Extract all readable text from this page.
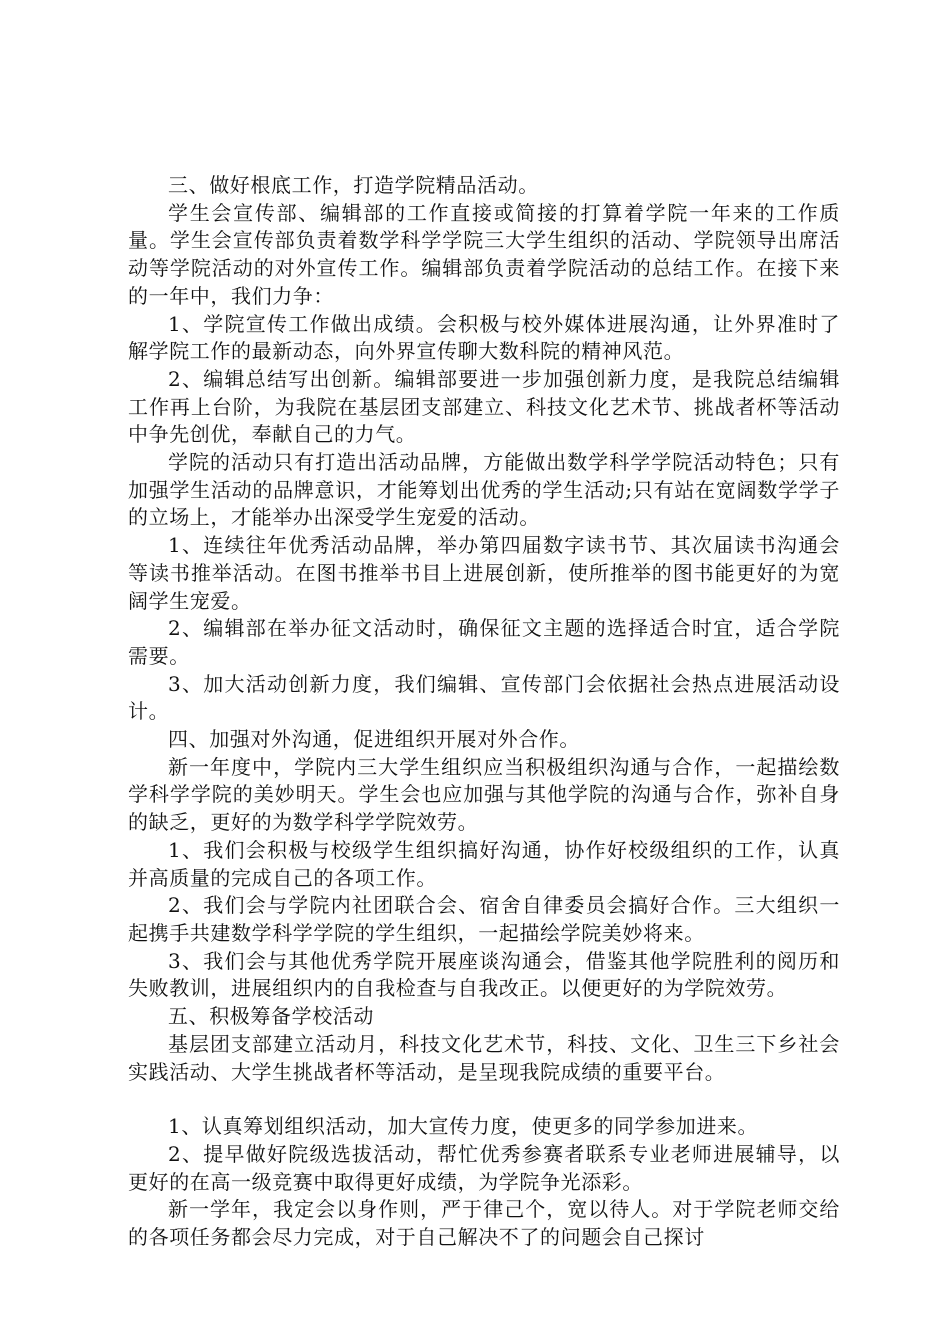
三、做好根底工作，打造学院精品活动。

学生会宣传部、编辑部的工作直接或简接的打算着学院一年来的工作质量。学生会宣传部负责着数学科学学院三大学生组织的活动、学院领导出席活动等学院活动的对外宣传工作。编辑部负责着学院活动的总结工作。在接下来的一年中，我们力争：

1、学院宣传工作做出成绩。会积极与校外媒体进展沟通，让外界准时了解学院工作的最新动态，向外界宣传聊大数科院的精神风范。

2、编辑总结写出创新。编辑部要进一步加强创新力度，是我院总结编辑工作再上台阶，为我院在基层团支部建立、科技文化艺术节、挑战者杯等活动中争先创优，奉献自己的力气。

学院的活动只有打造出活动品牌，方能做出数学科学学院活动特色；只有加强学生活动的品牌意识，才能筹划出优秀的学生活动;只有站在宽阔数学学子的立场上，才能举办出深受学生宠爱的活动。

1、连续往年优秀活动品牌，举办第四届数字读书节、其次届读书沟通会等读书推举活动。在图书推举书目上进展创新，使所推举的图书能更好的为宽阔学生宠爱。

2、编辑部在举办征文活动时，确保征文主题的选择适合时宜，适合学院需要。

3、加大活动创新力度，我们编辑、宣传部门会依据社会热点进展活动设计。

四、加强对外沟通，促进组织开展对外合作。

新一年度中，学院内三大学生组织应当积极组织沟通与合作，一起描绘数学科学学院的美妙明天。学生会也应加强与其他学院的沟通与合作，弥补自身的缺乏，更好的为数学科学学院效劳。

1、我们会积极与校级学生组织搞好沟通，协作好校级组织的工作，认真并高质量的完成自己的各项工作。

2、我们会与学院内社团联合会、宿舍自律委员会搞好合作。三大组织一起携手共建数学科学学院的学生组织，一起描绘学院美妙将来。

3、我们会与其他优秀学院开展座谈沟通会，借鉴其他学院胜利的阅历和失败教训，进展组织内的自我检查与自我改正。以便更好的为学院效劳。

五、积极筹备学校活动

基层团支部建立活动月，科技文化艺术节，科技、文化、卫生三下乡社会实践活动、大学生挑战者杯等活动，是呈现我院成绩的重要平台。

1、认真筹划组织活动，加大宣传力度，使更多的同学参加进来。

2、提早做好院级选拔活动，帮忙优秀参赛者联系专业老师进展辅导，以更好的在高一级竞赛中取得更好成绩，为学院争光添彩。

新一学年，我定会以身作则，严于律己个，宽以待人。对于学院老师交给的各项任务都会尽力完成，对于自己解决不了的问题会自己探讨
